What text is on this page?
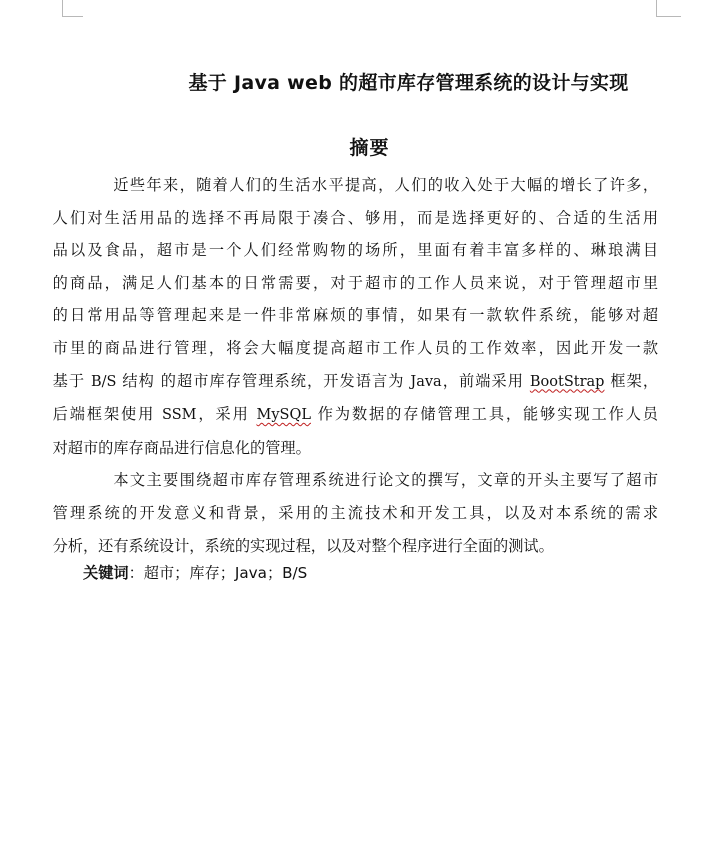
基于 Java web 的超市库存管理系统的设计与实现
摘要

近些年来，随着人们的生活水平提高，人们的收入处于大幅的增长了许多，
人们对生活用品的选择不再局限于凑合、够用，而是选择更好的、合适的生活用
品以及食品，超市是一个人们经常购物的场所，里面有着丰富多样的、琳琅满目
的商品，满足人们基本的日常需要，对于超市的工作人员来说，对于管理超市里
的日常用品等管理起来是一件非常麻烦的事情，如果有一款软件系统，能够对超
市里的商品进行管理，将会大幅度提高超市工作人员的工作效率，因此开发一款
基于 B/S 结构 的超市库存管理系统，开发语言为 Java，前端采用 BootStrap 框架，
后端框架使用 SSM，采用 MySQL 作为数据的存储管理工具，能够实现工作人员
对超市的库存商品进行信息化的管理。

本文主要围绕超市库存管理系统进行论文的撰写，文章的开头主要写了超市
管理系统的开发意义和背景，采用的主流技术和开发工具，以及对本系统的需求
分析，还有系统设计，系统的实现过程，以及对整个程序进行全面的测试。

关键词：超市；库存；Java；B/S
